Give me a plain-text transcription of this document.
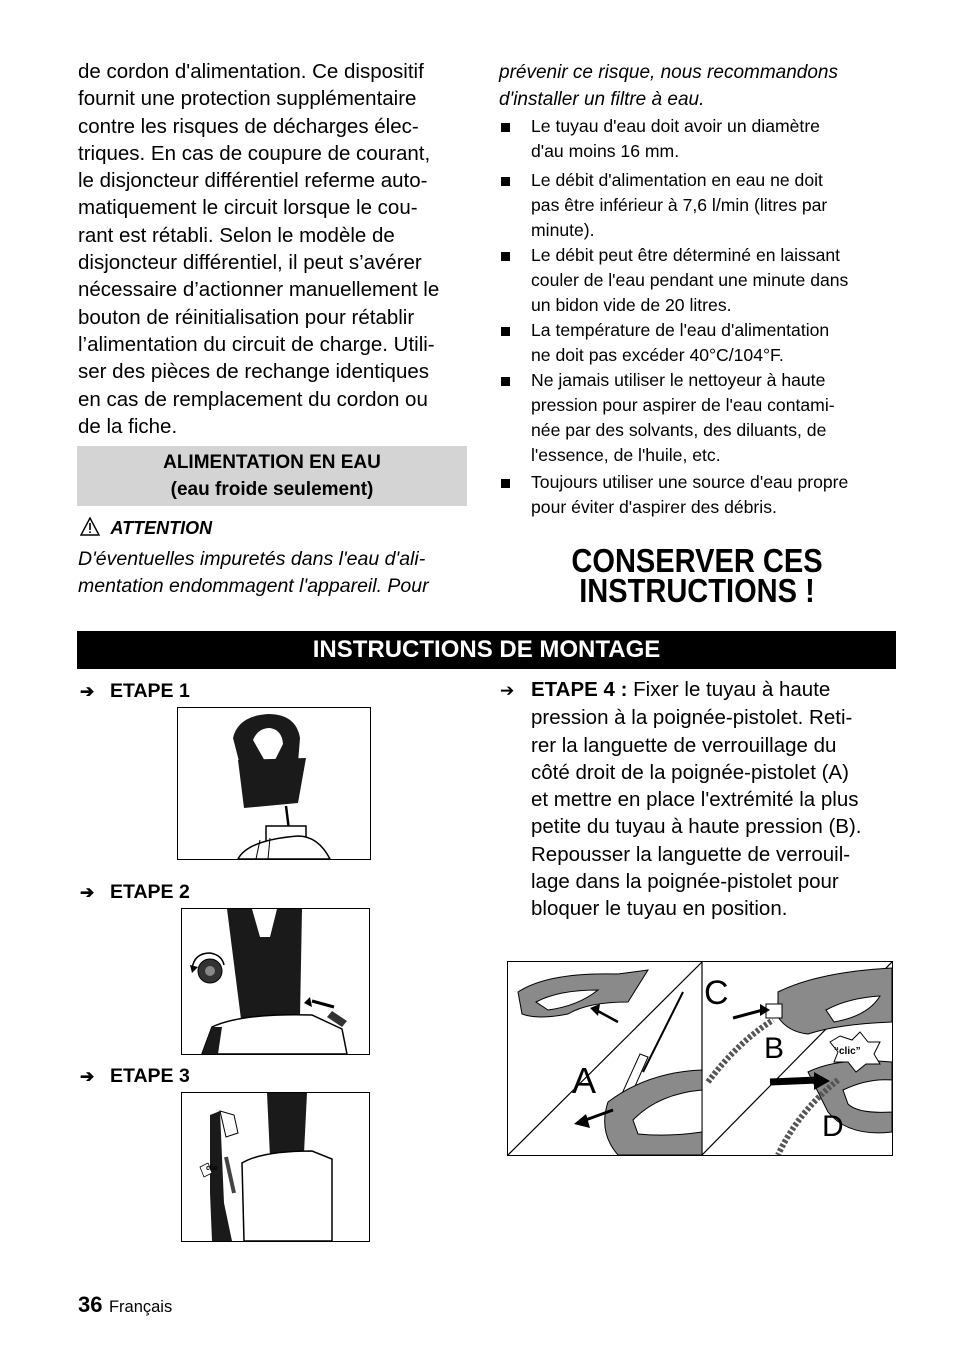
de cordon d'alimentation. Ce dispositif
fournit une protection supplémentaire
contre les risques de décharges élec-
triques. En cas de coupure de courant,
le disjoncteur différentiel referme auto-
matiquement le circuit lorsque le cou-
rant est rétabli. Selon le modèle de
disjoncteur différentiel, il peut s’avérer
nécessaire d’actionner manuellement le
bouton de réinitialisation pour rétablir
l’alimentation du circuit de charge. Utili-
ser des pièces de rechange identiques
en cas de remplacement du cordon ou
de la fiche.
ALIMENTATION EN EAU
(eau froide seulement)
ATTENTION
D'éventuelles impuretés dans l'eau d'ali-
mentation endommagent l'appareil. Pour
prévenir ce risque, nous recommandons
d'installer un filtre à eau.
Le tuyau d'eau doit avoir un diamètre
d'au moins 16 mm.
Le débit d'alimentation en eau ne doit
pas être inférieur à 7,6 l/min (litres par
minute).
Le débit peut être déterminé en laissant
couler de l'eau pendant une minute dans
un bidon vide de 20 litres.
La température de l'eau d'alimentation
ne doit pas excéder 40°C/104°F.
Ne jamais utiliser le nettoyeur à haute
pression pour aspirer de l'eau contami-
née par des solvants, des diluants, de
l'essence, de l'huile, etc.
Toujours utiliser une source d'eau propre
pour éviter d'aspirer des débris.
CONSERVER CES
INSTRUCTIONS !
INSTRUCTIONS DE MONTAGE
➔ ETAPE 1
➔ ETAPE 2
➔ ETAPE 3
clic
➔ ETAPE 4 : Fixer le tuyau à haute
pression à la poignée-pistolet. Reti-
rer la languette de verrouillage du
côté droit de la poignée-pistolet (A)
et mettre en place l'extrémité la plus
petite du tuyau à haute pression (B).
Repousser la languette de verrouil-
lage dans la poignée-pistolet pour
bloquer le tuyau en position.
A
B
C
D
“clic”
36 Français
